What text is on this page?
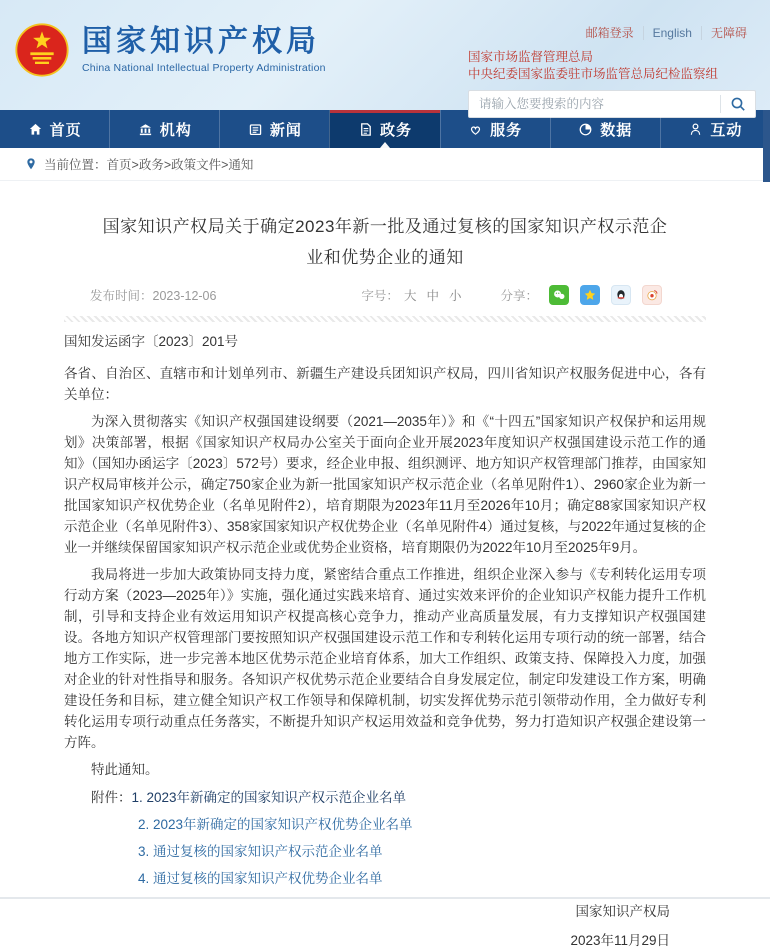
国家知识产权局
China National Intellectual Property Administration
邮箱登录 English 无障碍
国家市场监督管理总局
中央纪委国家监委驻市场监管总局纪检监察组
请输入您要搜索的内容
首页	机构	新闻	政务	服务	数据	互动
当前位置： 首页>政务>政策文件>通知
国家知识产权局关于确定2023年新一批及通过复核的国家知识产权示范企业和优势企业的通知
发布时间：2023-12-06	字号： 大 中 小	分享：
国知发运函字〔2023〕201号

各省、自治区、直辖市和计划单列市、新疆生产建设兵团知识产权局，四川省知识产权服务促进中心，各有关单位：

为深入贯彻落实《知识产权强国建设纲要（2021—2035年）》和《“十四五”国家知识产权保护和运用规划》决策部署，根据《国家知识产权局办公室关于面向企业开展2023年度知识产权强国建设示范工作的通知》（国知办函运字〔2023〕572号）要求，经企业申报、组织测评、地方知识产权管理部门推荐，由国家知识产权局审核并公示，确定750家企业为新一批国家知识产权示范企业（名单见附件1）、2960家企业为新一批国家知识产权优势企业（名单见附件2），培育期限为2023年11月至2026年10月；确定88家国家知识产权示范企业（名单见附件3）、358家国家知识产权优势企业（名单见附件4）通过复核，与2022年通过复核的企业一并继续保留国家知识产权示范企业或优势企业资格，培育期限仍为2022年10月至2025年9月。

我局将进一步加大政策协同支持力度，紧密结合重点工作推进，组织企业深入参与《专利转化运用专项行动方案（2023—2025年）》实施，强化通过实践来培育、通过实效来评价的企业知识产权能力提升工作机制，引导和支持企业有效运用知识产权提高核心竞争力，推动产业高质量发展，有力支撑知识产权强国建设。各地方知识产权管理部门要按照知识产权强国建设示范工作和专利转化运用专项行动的统一部署，结合地方工作实际，进一步完善本地区优势示范企业培育体系，加大工作组织、政策支持、保障投入力度，加强对企业的针对性指导和服务。各知识产权优势示范企业要结合自身发展定位，制定印发建设工作方案，明确建设任务和目标，建立健全知识产权工作领导和保障机制，切实发挥优势示范引领带动作用，全力做好专利转化运用专项行动重点任务落实，不断提升知识产权运用效益和竞争优势，努力打造知识产权强企建设第一方阵。

特此通知。

附件： 1. 2023年新确定的国家知识产权示范企业名单
2. 2023年新确定的国家知识产权优势企业名单
3. 通过复核的国家知识产权示范企业名单
4. 通过复核的国家知识产权优势企业名单
国家知识产权局
2023年11月29日
